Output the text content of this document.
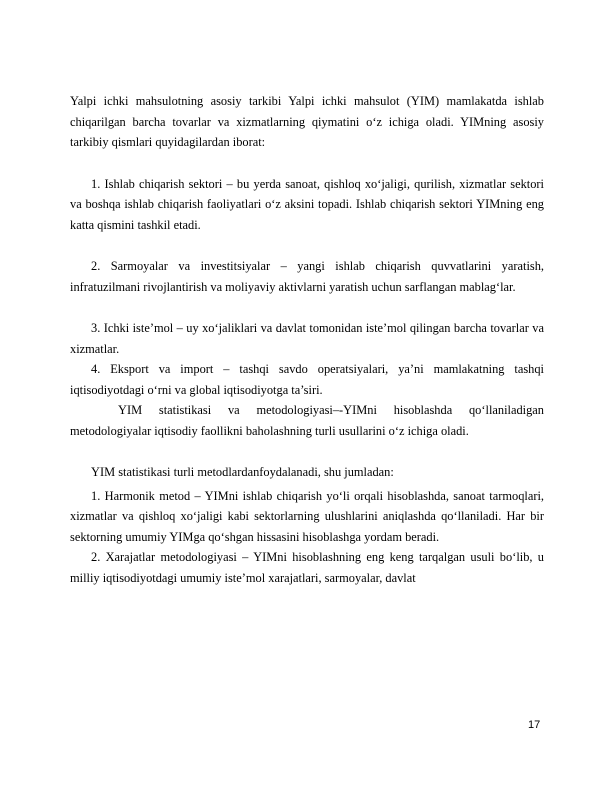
Yalpi ichki mahsulotning asosiy tarkibi Yalpi ichki mahsulot (YIM) mamlakatda ishlab chiqarilgan barcha tovarlar va xizmatlarning qiymatini o‘z ichiga oladi. YIMning asosiy tarkibiy qismlari quyidagilardan iborat:

1. Ishlab chiqarish sektori – bu yerda sanoat, qishloq xo‘jaligi, qurilish, xizmatlar sektori va boshqa ishlab chiqarish faoliyatlari o‘z aksini topadi. Ishlab chiqarish sektori YIMning eng katta qismini tashkil etadi.

2. Sarmoyalar va investitsiyalar – yangi ishlab chiqarish quvvatlarini yaratish, infratuzilmani rivojlantirish va moliyaviy aktivlarni yaratish uchun sarflangan mablag‘lar.

3. Ichki iste’mol – uy xo‘jaliklari va davlat tomonidan iste’mol qilingan barcha tovarlar va xizmatlar.

4. Eksport va import – tashqi savdo operatsiyalari, ya’ni mamlakatning tashqi iqtisodiyotdagi o‘rni va global iqtisodiyotga ta’siri.

YIM statistikasi va metodologiyasi–-YIMni hisoblashda qo‘llaniladigan metodologiyalar iqtisodiy faollikni baholashning turli usullarini o‘z ichiga oladi.

YIM statistikasi turli metodlardanfoydalanadi, shu jumladan:

1. Harmonik metod – YIMni ishlab chiqarish yo‘li orqali hisoblashda, sanoat tarmoqlari, xizmatlar va qishloq xo‘jaligi kabi sektorlarning ulushlarini aniqlashda qo‘llaniladi. Har bir sektorning umumiy YIMga qo‘shgan hissasini hisoblashga yordam beradi.

2. Xarajatlar metodologiyasi – YIMni hisoblashning eng keng tarqalgan usuli bo‘lib, u milliy iqtisodiyotdagi umumiy iste’mol xarajatlari, sarmoyalar, davlat

17
